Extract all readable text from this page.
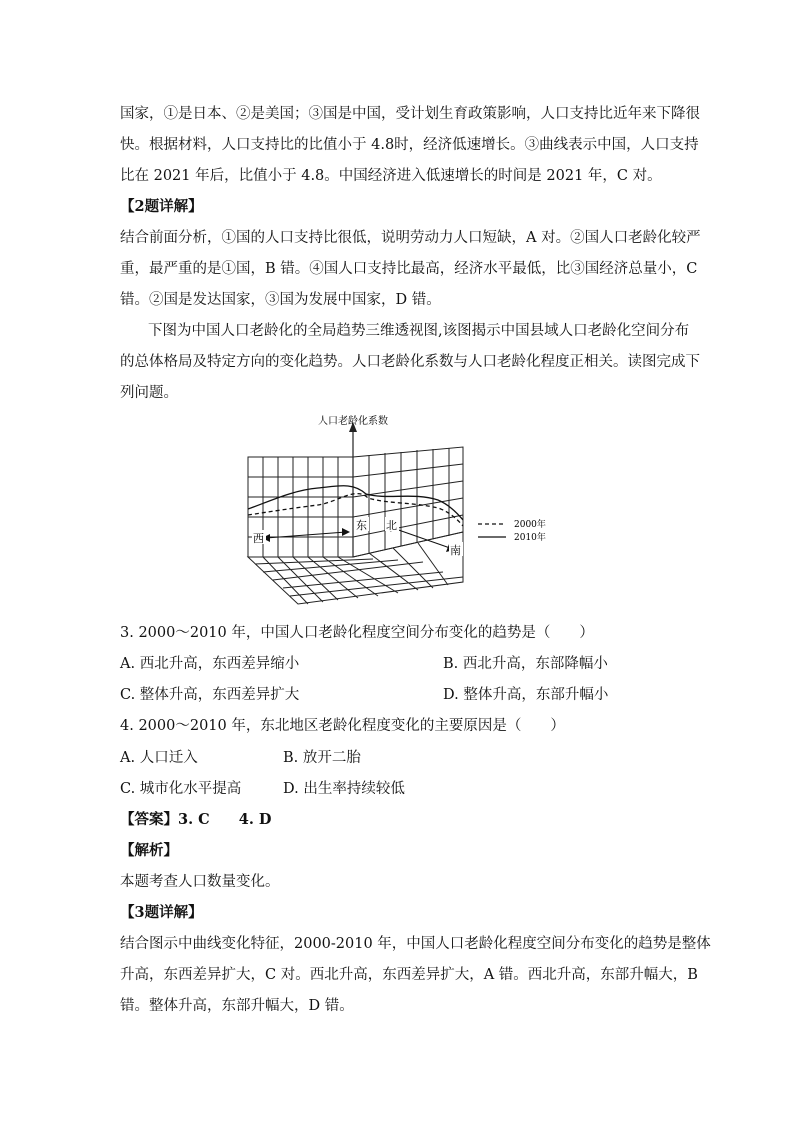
国家，①是日本、②是美国；③国是中国，受计划生育政策影响，人口支持比近年来下降很
快。根据材料，人口支持比的比值小于 4.8时，经济低速增长。③曲线表示中国，人口支持
比在 2021 年后，比值小于 4.8。中国经济进入低速增长的时间是 2021 年，C 对。
【2题详解】
结合前面分析，①国的人口支持比很低，说明劳动力人口短缺，A 对。②国人口老龄化较严
重，最严重的是①国，B 错。④国人口支持比最高，经济水平最低，比③国经济总量小，C
错。②国是发达国家，③国为发展中国家，D 错。
下图为中国人口老龄化的全局趋势三维透视图,该图揭示中国县域人口老龄化空间分布
的总体格局及特定方向的变化趋势。人口老龄化系数与人口老龄化程度正相关。读图完成下
列问题。
人口老龄化系数
西
东 北
南
2000年
2010年
3. 2000～2010 年，中国人口老龄化程度空间分布变化的趋势是（　　）
A. 西北升高，东西差异缩小	B. 西北升高，东部降幅小
C. 整体升高，东西差异扩大	D. 整体升高，东部升幅小
4. 2000～2010 年，东北地区老龄化程度变化的主要原因是（　　）
A. 人口迁入	B. 放开二胎
C. 城市化水平提高	D. 出生率持续较低
【答案】3. C　　4. D
【解析】
本题考查人口数量变化。
【3题详解】
结合图示中曲线变化特征，2000-2010 年，中国人口老龄化程度空间分布变化的趋势是整体
升高，东西差异扩大，C 对。西北升高，东西差异扩大，A 错。西北升高，东部升幅大，B
错。整体升高，东部升幅大，D 错。
